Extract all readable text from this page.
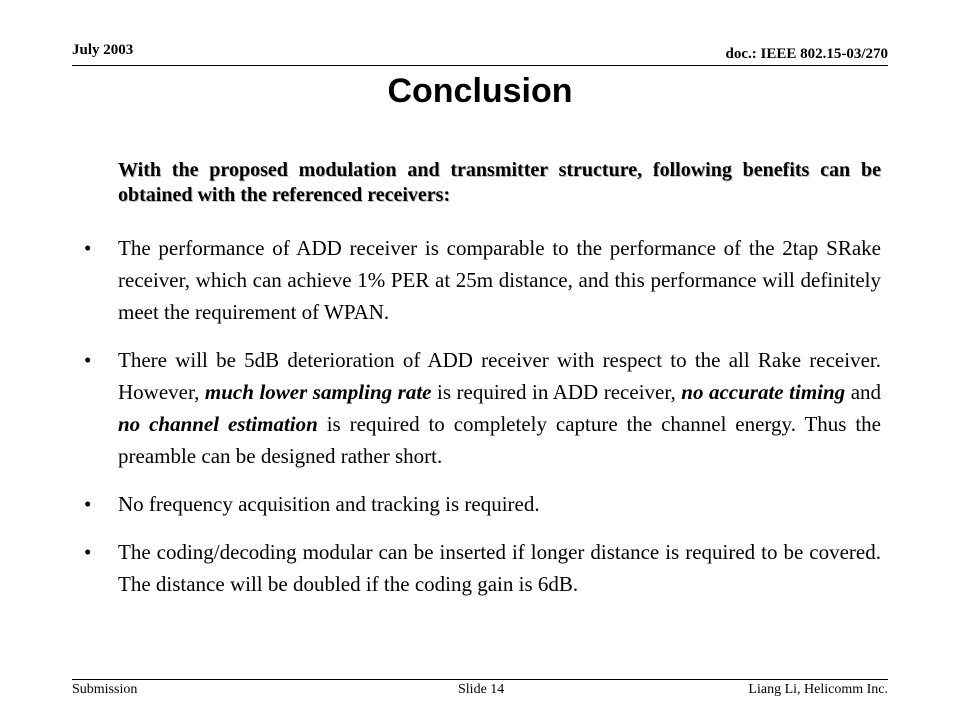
July 2003	doc.: IEEE 802.15-03/270
Conclusion
With the proposed modulation and transmitter structure, following benefits can be obtained with the referenced receivers:
• The performance of ADD receiver is comparable to the performance of the 2tap SRake receiver, which can achieve 1% PER at 25m distance, and this performance will definitely meet the requirement of WPAN.
• There will be 5dB deterioration of ADD receiver with respect to the all Rake receiver. However, much lower sampling rate is required in ADD receiver, no accurate timing and no channel estimation is required to completely capture the channel energy. Thus the preamble can be designed rather short.
• No frequency acquisition and tracking is required.
• The coding/decoding modular can be inserted if longer distance is required to be covered. The distance will be doubled if the coding gain is 6dB.
Submission	Slide 14	Liang Li, Helicomm Inc.
